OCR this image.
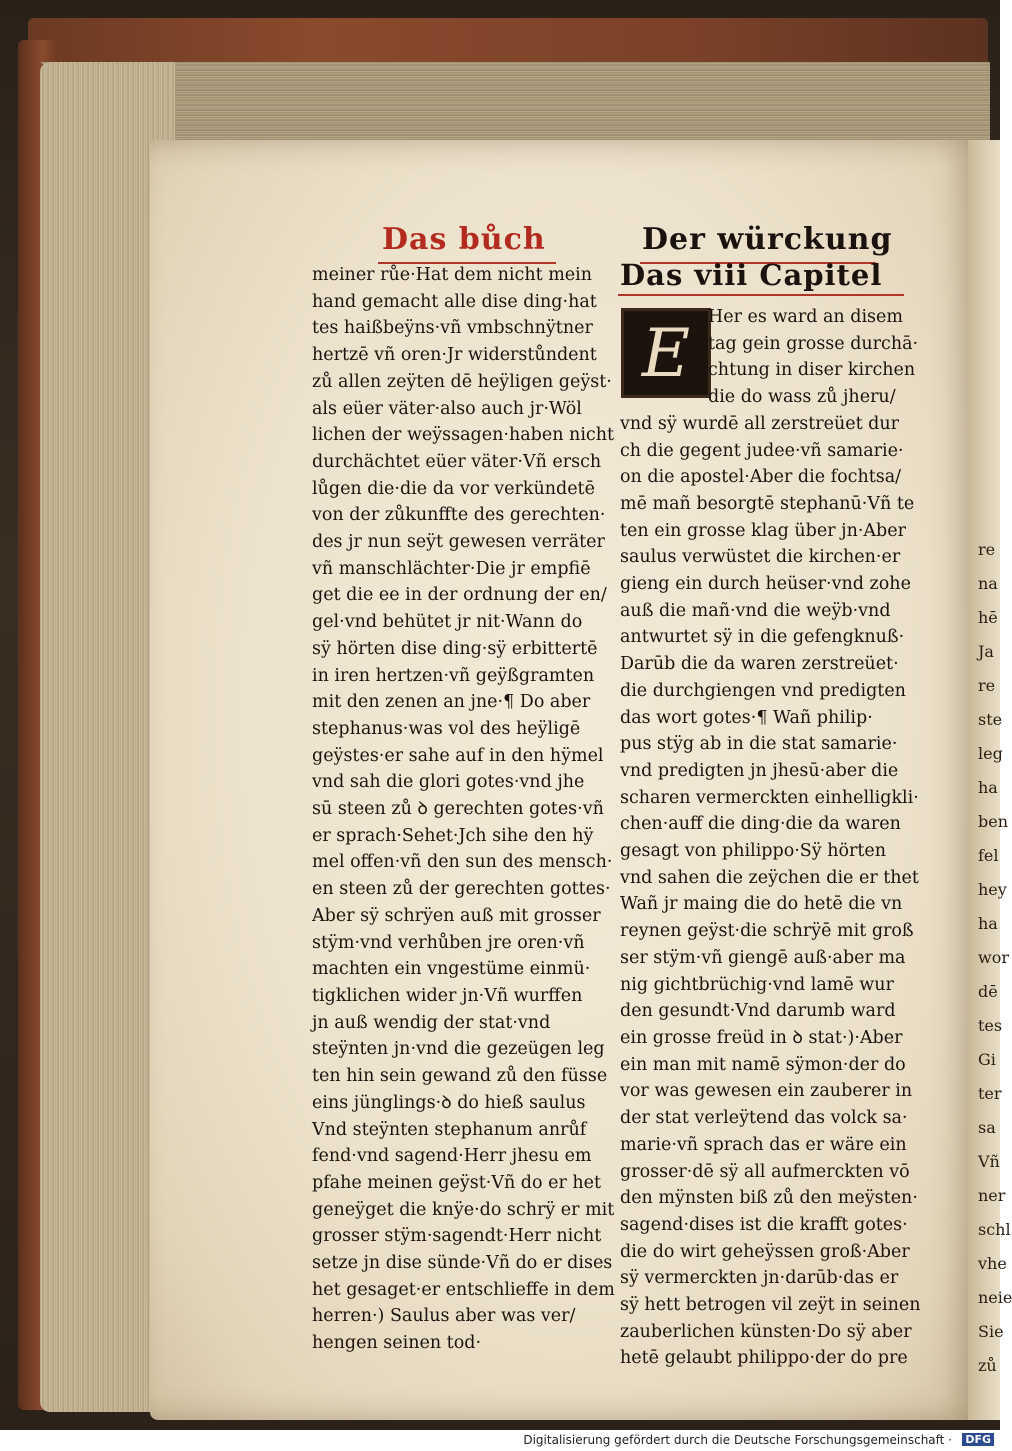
Das bůch	Der würckung
Das viii Capitel
meiner růe·Hat dem nicht mein
hand gemacht alle dise ding·hat
tes haißbeÿns·vñ vmbschnÿtner
hertzē vñ oren·Jr widerstůndent
zů allen zeÿten dē heÿligen geÿst·
als eüer väter·also auch jr·Wöl
lichen der weÿssagen·haben nicht
durchächtet eüer väter·Vñ ersch
lůgen die·die da vor verkündetē
von der zůkunffte des gerechten·
des jr nun seÿt gewesen verräter
vñ manschlächter·Die jr empfiē
get die ee in der ordnung der en/
gel·vnd behütet jr nit·Wann do
sÿ hörten dise ding·sÿ erbittertē
in iren hertzen·vñ geÿßgramten
mit den zenen an jne·¶ Do aber
stephanus·was vol des heÿligē
geÿstes·er sahe auf in den hÿmel
vnd sah die glori gotes·vnd jhe
sū steen zů ꝺ gerechten gotes·vñ
er sprach·Sehet·Jch sihe den hÿ
mel offen·vñ den sun des mensch·
en steen zů der gerechten gottes·
Aber sÿ schrÿen auß mit grosser
stÿm·vnd verhůben jre oren·vñ
machten ein vngestüme einmü·
tigklichen wider jn·Vñ wurffen
jn auß wendig der stat·vnd
steÿnten jn·vnd die gezeügen leg
ten hin sein gewand zů den füsse
eins jünglings·ꝺ do hieß saulus
Vnd steÿnten stephanum anrůf
fend·vnd sagend·Herr jhesu em
pfahe meinen geÿst·Vñ do er het
geneÿget die knÿe·do schrÿ er mit
grosser stÿm·sagendt·Herr nicht
setze jn dise sünde·Vñ do er dises
het gesaget·er entschlieffe in dem
herren·) Saulus aber was ver/
hengen seinen tod·
E	Her es ward an disem
tag gein grosse durchā·
chtung in diser kirchen
die do wass zů jheru/
vnd sÿ wurdē all zerstreüet dur
ch die gegent judee·vñ samarie·
on die apostel·Aber die fochtsa/
mē mañ besorgtē stephanū·Vñ te
ten ein grosse klag über jn·Aber
saulus verwüstet die kirchen·er
gieng ein durch heüser·vnd zohe
auß die mañ·vnd die weÿb·vnd
antwurtet sÿ in die gefengknuß·
Darūb die da waren zerstreüet·
die durchgiengen vnd predigten
das wort gotes·¶ Wañ philip·
pus stÿg ab in die stat samarie·
vnd predigten jn jhesū·aber die
scharen vermerckten einhelligkli·
chen·auff die ding·die da waren
gesagt von philippo·Sÿ hörten
vnd sahen die zeÿchen die er thet
Wañ jr maing die do hetē die vn
reynen geÿst·die schrÿē mit groß
ser stÿm·vñ giengē auß·aber ma
nig gichtbrüchig·vnd lamē wur
den gesundt·Vnd darumb ward
ein grosse freüd in ꝺ stat·)·Aber
ein man mit namē sÿmon·der do
vor was gewesen ein zauberer in
der stat verleÿtend das volck sa·
marie·vñ sprach das er wäre ein
grosser·dē sÿ all aufmerckten vō
den mÿnsten biß zů den meÿsten·
sagend·dises ist die krafft gotes·
die do wirt geheÿssen groß·Aber
sÿ vermerckten jn·darūb·das er
sÿ hett betrogen vil zeÿt in seinen
zauberlichen künsten·Do sÿ aber
hetē gelaubt philippo·der do pre
re
na
hē
Ja
re
ste
leg
ha
ben
fel
hey
ha
wor
dē
tes
Gi
ter
sa
Vñ
ner
schl
vhe
neie
Sie
zů
Digitalisierung gefördert durch die Deutsche Forschungsgemeinschaft · DFG
